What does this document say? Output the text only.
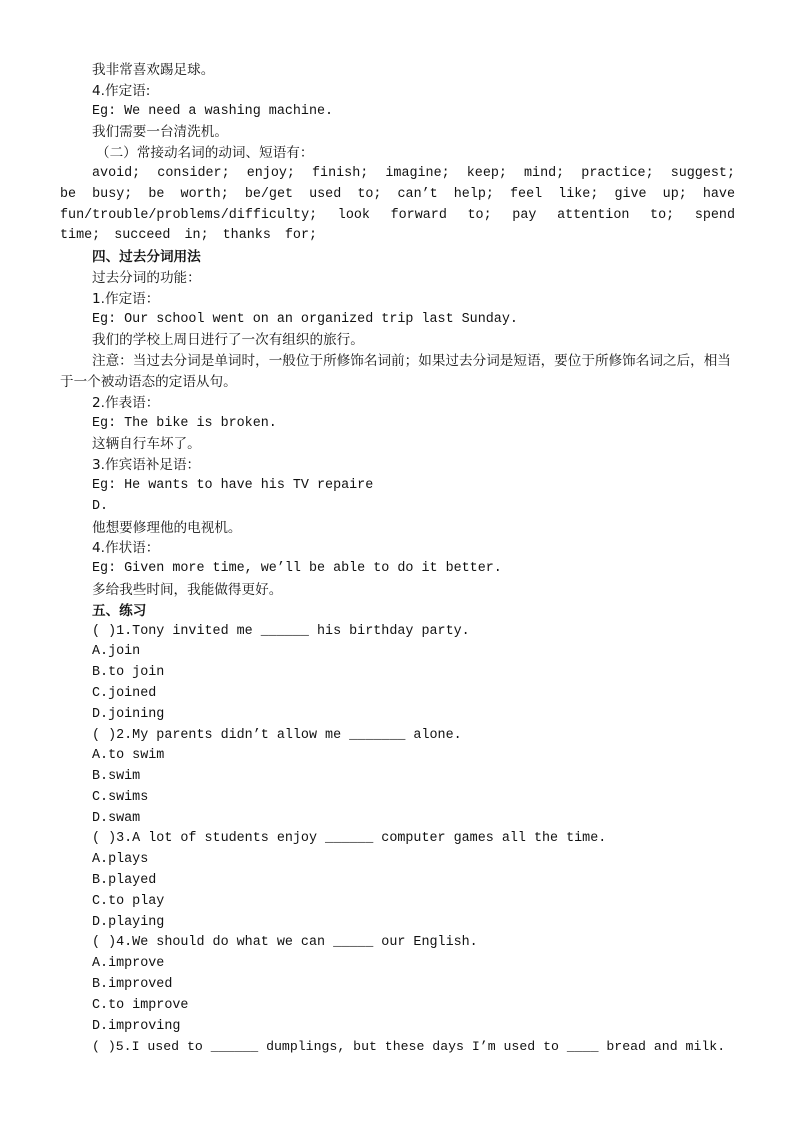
我非常喜欢踢足球。
4.作定语:
Eg: We need a washing machine.
我们需要一台清洗机。
（二）常接动名词的动词、短语有：
avoid; consider; enjoy; finish; imagine; keep; mind; practice; suggest; be busy; be worth; be/get used to; can’t help; feel like; give up; have fun/trouble/problems/difficulty; look forward to; pay attention to; spend time; succeed in; thanks for;
四、过去分词用法
过去分词的功能：
1.作定语：
Eg: Our school went on an organized trip last Sunday.
我们的学校上周日进行了一次有组织的旅行。
注意：当过去分词是单词时，一般位于所修饰名词前；如果过去分词是短语，要位于所修饰名词之后，相当于一个被动语态的定语从句。
2.作表语：
Eg: The bike is broken.
这辆自行车坏了。
3.作宾语补足语：
Eg: He wants to have his TV repaire
D.
他想要修理他的电视机。
4.作状语：
Eg: Given more time, we’ll be able to do it better.
多给我些时间，我能做得更好。
五、练习
( )1.Tony invited me ______ his birthday party.
A.join
B.to join
C.joined
D.joining
( )2.My parents didn’t allow me _______ alone.
A.to swim
B.swim
C.swims
D.swam
( )3.A lot of students enjoy ______ computer games all the time.
A.plays
B.played
C.to play
D.playing
( )4.We should do what we can _____ our English.
A.improve
B.improved
C.to improve
D.improving
( )5.I used to ______ dumplings, but these days I’m used to ____ bread and milk.
